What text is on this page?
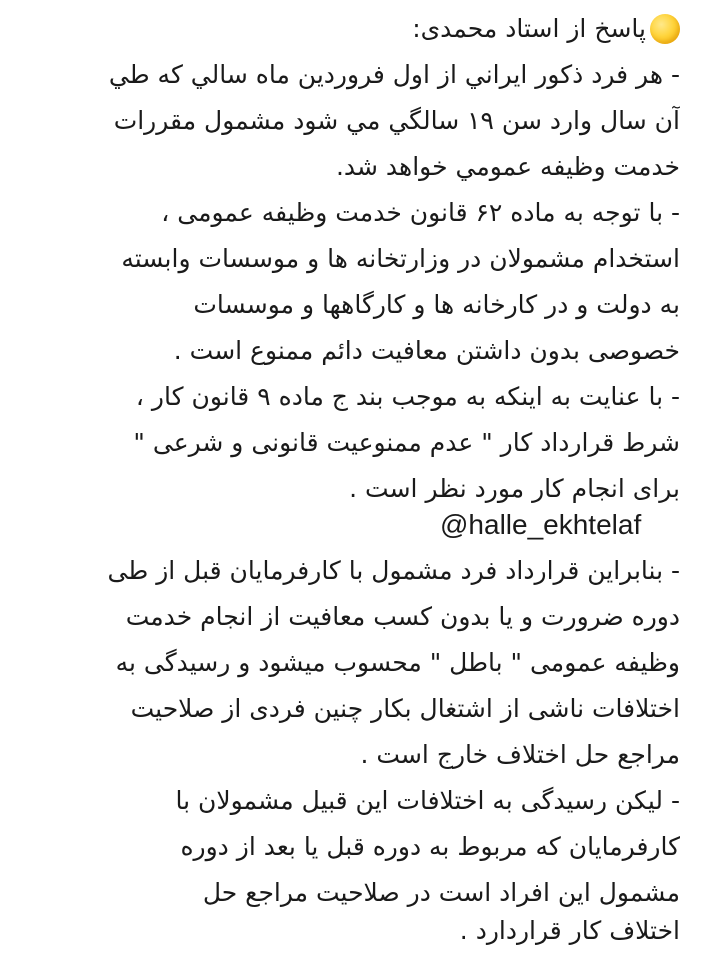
پاسخ از استاد محمدی:
- هر فرد ذکور ايراني از اول فروردين ماه سالي که طي
آن سال وارد سن ۱۹ سالگي مي شود مشمول مقررات
خدمت وظيفه عمومي خواهد شد.
- با توجه به ماده ۶۲ قانون خدمت وظیفه عمومی ،
استخدام مشمولان در وزارتخانه ها و موسسات وابسته
به دولت و در کارخانه ها و کارگاهها و موسسات
خصوصی بدون داشتن معافیت دائم ممنوع است .
- با عنایت به اینکه به موجب بند ج ماده ۹ قانون کار ،
شرط قرارداد کار " عدم ممنوعیت قانونی و شرعی "
برای انجام کار مورد نظر است .
@halle_ekhtelaf
- بنابراین قرارداد فرد مشمول با کارفرمایان قبل از طی
دوره ضرورت و یا بدون کسب معافیت از انجام خدمت
وظیفه عمومی " باطل " محسوب میشود و رسیدگی به
اختلافات ناشی از اشتغال بکار چنین فردی از صلاحیت
مراجع حل اختلاف خارج است .
- لیکن رسیدگی به اختلافات این قبیل مشمولان با
کارفرمایان که مربوط به دوره قبل یا بعد از دوره
مشمول این افراد است در صلاحیت مراجع حل
اختلاف کار قراردارد .
